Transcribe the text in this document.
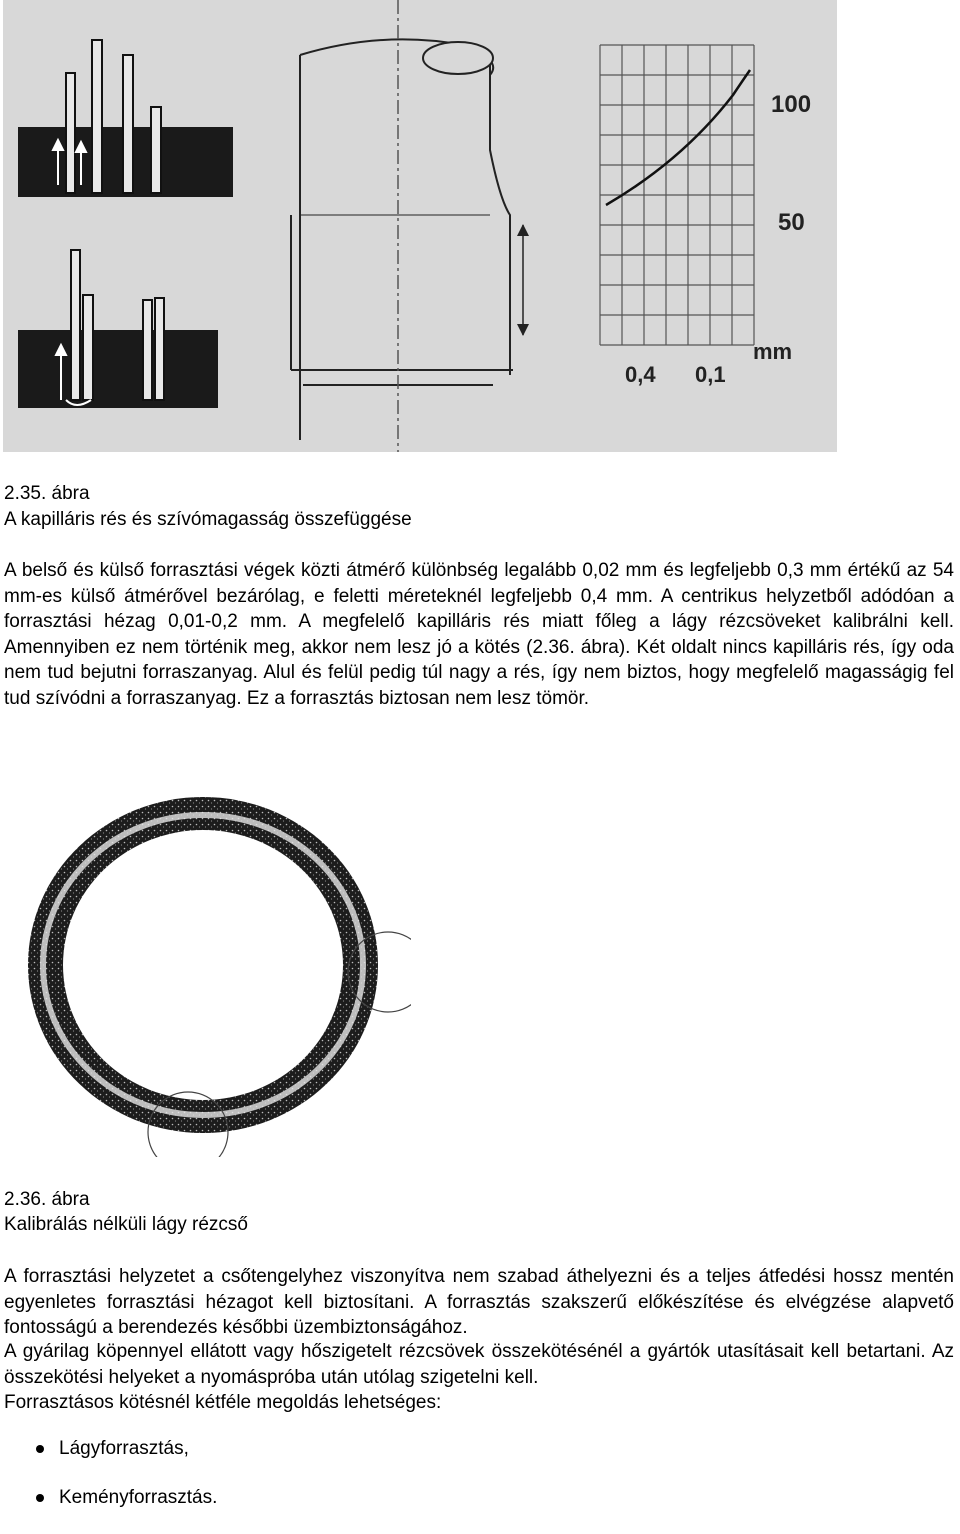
100
50
mm
0,4 0,1
2.35. ábra
A kapilláris rés és szívómagasság összefüggése

A belső és külső forrasztási végek közti átmérő különbség legalább 0,02 mm és legfeljebb 0,3 mm értékű az 54 mm-es külső átmérővel bezárólag, e feletti méreteknél legfeljebb 0,4 mm. A centrikus helyzetből adódóan a forrasztási hézag 0,01-0,2 mm. A megfelelő kapilláris rés miatt főleg a lágy rézcsöveket kalibrálni kell. Amennyiben ez nem történik meg, akkor nem lesz jó a kötés (2.36. ábra). Két oldalt nincs kapilláris rés, így oda nem tud bejutni forraszanyag. Alul és felül pedig túl nagy a rés, így nem biztos, hogy megfelelő magasságig fel tud szívódni a forraszanyag. Ez a forrasztás biztosan nem lesz tömör.

2.36. ábra
Kalibrálás nélküli lágy rézcső

A forrasztási helyzetet a csőtengelyhez viszonyítva nem szabad áthelyezni és a teljes átfedési hossz mentén egyenletes forrasztási hézagot kell biztosítani. A forrasztás szakszerű előkészítése és elvégzése alapvető fontosságú a berendezés későbbi üzembiztonságához.

A gyárilag köpennyel ellátott vagy hőszigetelt rézcsövek összekötésénél a gyártók utasításait kell betartani. Az összekötési helyeket a nyomáspróba után utólag szigetelni kell.

Forrasztásos kötésnél kétféle megoldás lehetséges:

Lágyforrasztás,
Keményforrasztás.
